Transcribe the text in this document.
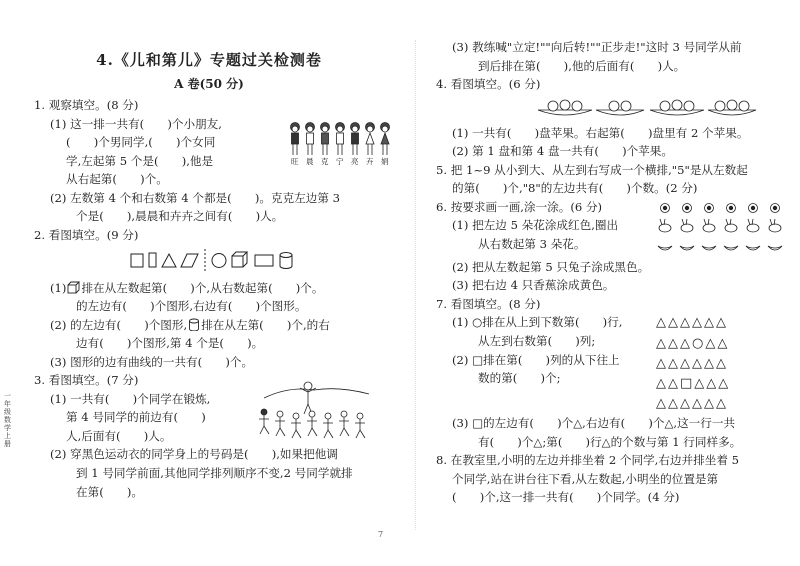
4.《儿和第儿》专题过关检测卷
A 卷(50 分)
1. 观察填空。(8 分)
(1) 这一排一共有(　　)个小朋友,
(　　)个男同学,(　　)个女同
学,左起第 5 个是(　　),他是
从右起第(　　)个。
旺 晨 克 宁 亮 卉 娟
(2) 左数第 4 个和右数第 4 个都是(　　)。克克左边第 3
个是(　　),晨晨和卉卉之间有(　　)人。
2. 看图填空。(9 分)
(1) 排在从左数起第(　　)个,从右数起第(　　)个。
的左边有(　　)个图形,右边有(　　)个图形。
(2) 的左边有(　　)个图形, 排在从左第(　　)个,的右
边有(　　)个图形,第 4 个是(　　)。
(3) 图形的边有曲线的一共有(　　)个。
3. 看图填空。(7 分)
(1) 一共有(　　)个同学在锻炼,
第 4 号同学的前边有(　　)
人,后面有(　　)人。
(2) 穿黑色运动衣的同学身上的号码是(　　),如果把他调
到 1 号同学前面,其他同学排列顺序不变,2 号同学就排
在第(　　)。
(3) 教练喊"立定!""向后转!""正步走!"这时 3 号同学从前
到后排在第(　　),他的后面有(　　)人。
4. 看图填空。(6 分)
(1) 一共有(　　)盘苹果。右起第(　　)盘里有 2 个苹果。
(2) 第 1 盘和第 4 盘一共有(　　)个苹果。
5. 把 1~9 从小到大、从左到右写成一个横排,"5"是从左数起
的第(　　)个,"8"的左边共有(　　)个数。(2 分)
6. 按要求画一画,涂一涂。(6 分)
(1) 把左边 5 朵花涂成红色,圈出
从右数起第 3 朵花。
(2) 把从左数起第 5 只兔子涂成黑色。
(3) 把右边 4 只香蕉涂成黄色。
7. 看图填空。(8 分)
(1) ○排在从上到下数第(　　)行,
从左到右数第(　　)列;
(2) □排在第(　　)列的从下往上
数的第(　　)个;
△△△△△△
△△△○△△
△△△△△△
△△□△△△
△△△△△△
(3) □的左边有(　　)个△,右边有(　　)个△,这一行一共
有(　　)个△;第(　　)行△的个数与第 1 行同样多。
8. 在教室里,小明的左边并排坐着 2 个同学,右边并排坐着 5
个同学,站在讲台往下看,从左数起,小明坐的位置是第
(　　)个,这一排一共有(　　)个同学。(4 分)
一年级数学上册
7
